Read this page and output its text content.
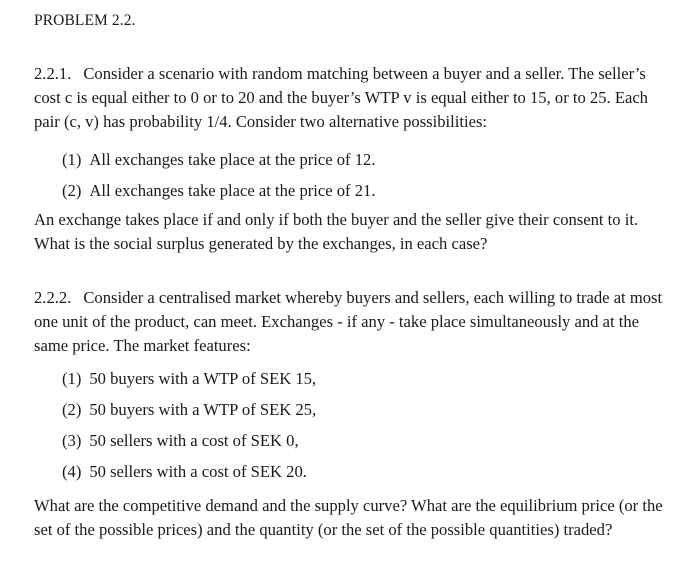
PROBLEM 2.2.
2.2.1. Consider a scenario with random matching between a buyer and a seller. The seller’s cost c is equal either to 0 or to 20 and the buyer’s WTP v is equal either to 15, or to 25. Each pair (c, v) has probability 1/4. Consider two alternative possibilities:
(1) All exchanges take place at the price of 12.
(2) All exchanges take place at the price of 21.
An exchange takes place if and only if both the buyer and the seller give their consent to it. What is the social surplus generated by the exchanges, in each case?
2.2.2. Consider a centralised market whereby buyers and sellers, each willing to trade at most one unit of the product, can meet. Exchanges - if any - take place simultaneously and at the same price. The market features:
(1) 50 buyers with a WTP of SEK 15,
(2) 50 buyers with a WTP of SEK 25,
(3) 50 sellers with a cost of SEK 0,
(4) 50 sellers with a cost of SEK 20.
What are the competitive demand and the supply curve? What are the equilibrium price (or the set of the possible prices) and the quantity (or the set of the possible quantities) traded?
